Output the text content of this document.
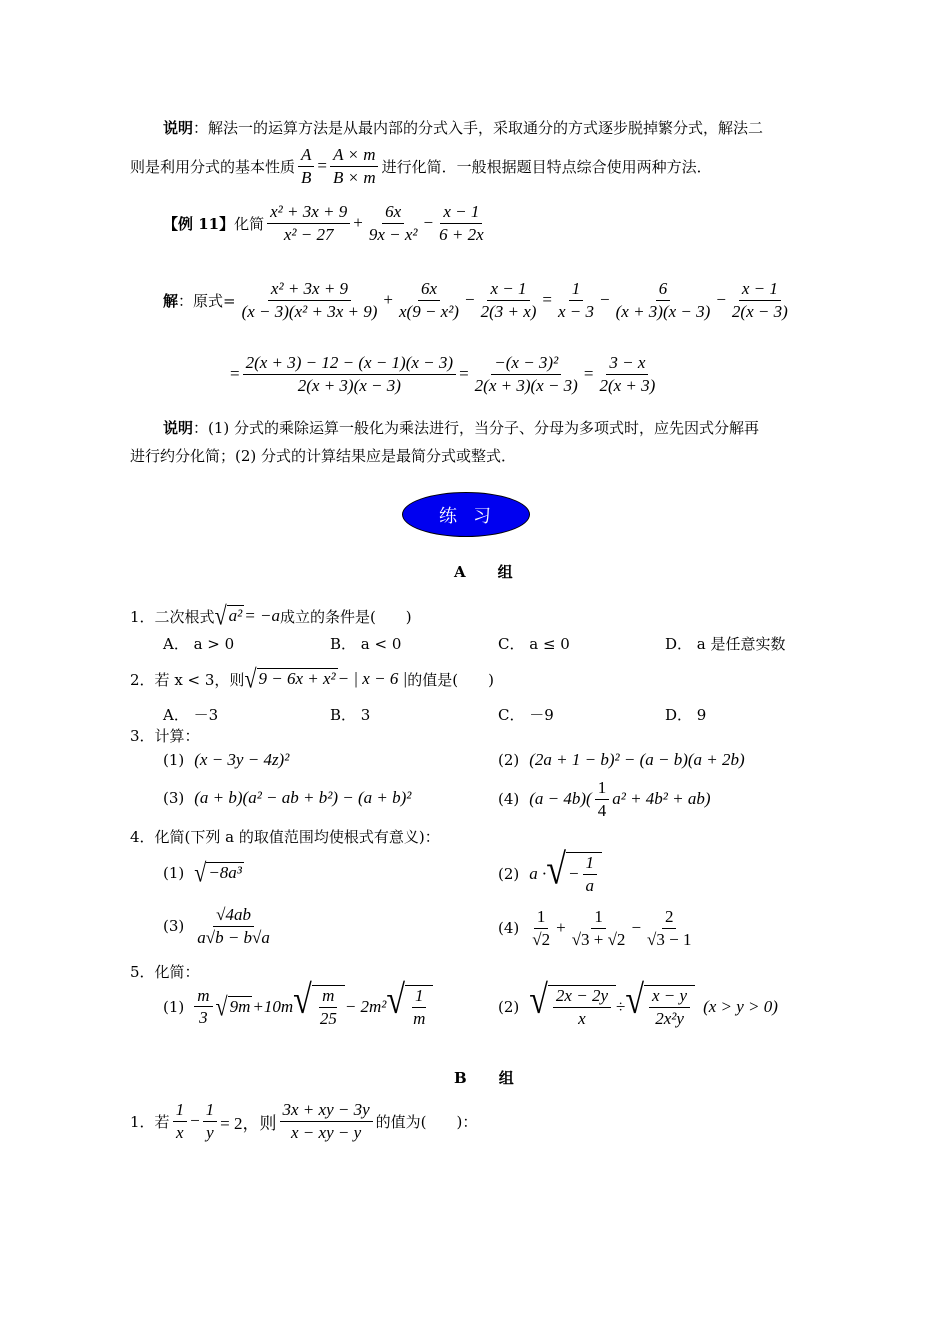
说明：解法一的运算方法是从最内部的分式入手，采取通分的方式逐步脱掉繁分式，解法二
则是利用分式的基本性质 $\frac{A}{B} = \frac{A \times m}{B \times m}$ 进行化简．一般根据题目特点综合使用两种方法．
【例 11】 化简 $\frac{\text{x² + 3x + 9}}{\text{x² − 27}} + \frac{6x}{\text{9x − x²}} - \frac{x - 1}{6 + 2x}$
解 ：原式= $\frac{\text{x² + 3x + 9}}{\text{(x − 3)(x² + 3x + 9)}} + \frac{6x}{\text{x(9 − x²)}} - \frac{x - 1}{2(3 + x)} = \frac{1}{x - 3} - \frac{6}{(x + 3)(x - 3)} - \frac{x - 1}{2(x - 3)}$
= $\frac{2(x + 3) - 12 - (x - 1)(x - 3)}{2(x + 3)(x - 3)} = \frac{\text{−(x − 3)²}}{2(x + 3)(x - 3)} = \frac{3 - x}{2(x + 3)}$
说明：(1) 分式的乘除运算一般化为乘法进行，当分子、分母为多项式时，应先因式分解再
进行约分化简；(2) 分式的计算结果应是最简分式或整式．
练习
A 组
1． 二次根式 √ a² = −a 成立的条件是(　　)
A． a > 0	B． a < 0	C． a ≤ 0	D． a 是任意实数
2． 若 x < 3，则 √ 9 − 6x + x² − | x − 6 | 的值是(　　)
A． －3	B． 3	C． －9	D． 9
3．计算：
(1) (x − 3y − 4z)²	(2) (2a + 1 − b)² − (a − b)(a + 2b)
(3) (a + b)(a² − ab + b²) − (a + b)²	(4) $(a - 4b)( \frac{1}{4} a^2 + 4b^2 + ab)$
4．化简(下列 a 的取值范围均使根式有意义)：
(1) √ −8a³	(2) a · √ − $\frac{1}{a}$
$(3) \frac{√4ab}{a√b - b√a}$	$(4) \frac{1}{√2} + \frac{1}{√3 + √2} - \frac{2}{√3 - 1}$
5．化简：
$(1) \frac{m}{3}$ √ 9m +10m √ $\frac{m}{25} - 2m^2$ √ $\frac{1}{m}$	(2) √ $\frac{2x - 2y}{x}$ ÷ √ $\frac{x - y}{\text{2x²y}} (x > y > 0)$
B 组
1． 若 $\frac{1}{x} - \frac{1}{y} = 2$，则 $\frac{3x + xy - 3y}{x - xy - y}$ 的值为(　　)：
